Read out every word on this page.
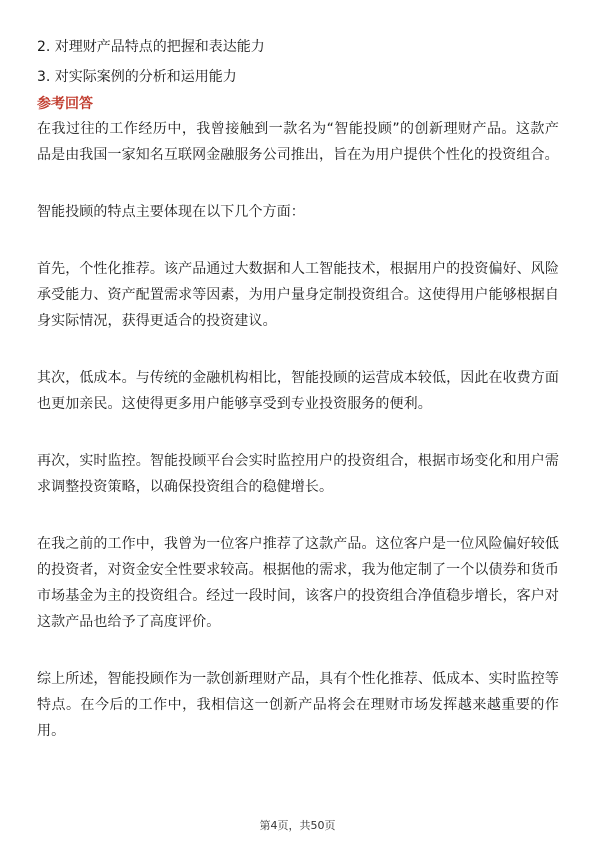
2. 对理财产品特点的把握和表达能力

3. 对实际案例的分析和运用能力

参考回答

在我过往的工作经历中，我曾接触到一款名为“智能投顾”的创新理财产品。这款产品是由我国一家知名互联网金融服务公司推出，旨在为用户提供个性化的投资组合。

智能投顾的特点主要体现在以下几个方面：

首先，个性化推荐。该产品通过大数据和人工智能技术，根据用户的投资偏好、风险承受能力、资产配置需求等因素，为用户量身定制投资组合。这使得用户能够根据自身实际情况，获得更适合的投资建议。

其次，低成本。与传统的金融机构相比，智能投顾的运营成本较低，因此在收费方面也更加亲民。这使得更多用户能够享受到专业投资服务的便利。

再次，实时监控。智能投顾平台会实时监控用户的投资组合，根据市场变化和用户需求调整投资策略，以确保投资组合的稳健增长。

在我之前的工作中，我曾为一位客户推荐了这款产品。这位客户是一位风险偏好较低的投资者，对资金安全性要求较高。根据他的需求，我为他定制了一个以债券和货币市场基金为主的投资组合。经过一段时间，该客户的投资组合净值稳步增长，客户对这款产品也给予了高度评价。

综上所述，智能投顾作为一款创新理财产品，具有个性化推荐、低成本、实时监控等特点。在今后的工作中，我相信这一创新产品将会在理财市场发挥越来越重要的作用。

第4页，共50页
